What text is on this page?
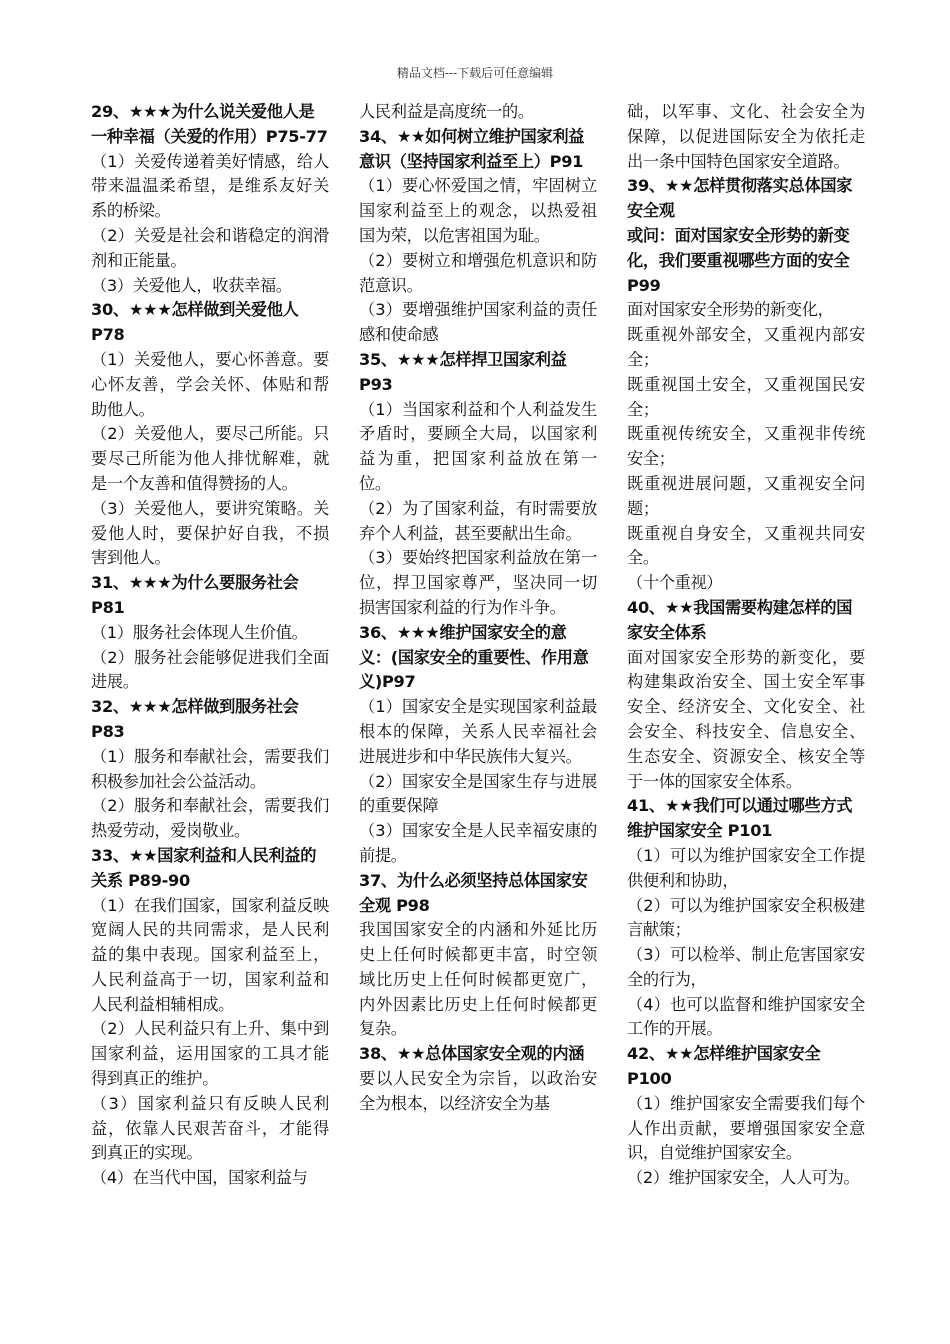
精品文档---下载后可任意编辑

29、★★★为什么说关爱他人是一种幸福（关爱的作用）P75-77

（1）关爱传递着美好情感，给人带来温温柔希望，是维系友好关系的桥梁。

（2）关爱是社会和谐稳定的润滑剂和正能量。

（3）关爱他人，收获幸福。

30、★★★怎样做到关爱他人P78

（1）关爱他人，要心怀善意。要心怀友善，学会关怀、体贴和帮助他人。

（2）关爱他人，要尽己所能。只要尽己所能为他人排忧解难，就是一个友善和值得赞扬的人。

（3）关爱他人，要讲究策略。关爱他人时，要保护好自我，不损害到他人。

31、★★★为什么要服务社会P81

（1）服务社会体现人生价值。

（2）服务社会能够促进我们全面进展。

32、★★★怎样做到服务社会P83

（1）服务和奉献社会，需要我们积极参加社会公益活动。

（2）服务和奉献社会，需要我们热爱劳动，爱岗敬业。

33、★★国家利益和人民利益的关系 P89-90

（1）在我们国家，国家利益反映宽阔人民的共同需求，是人民利益的集中表现。国家利益至上，人民利益高于一切，国家利益和人民利益相辅相成。

（2）人民利益只有上升、集中到国家利益，运用国家的工具才能得到真正的维护。

（3）国家利益只有反映人民利益，依靠人民艰苦奋斗，才能得到真正的实现。

（4）在当代中国，国家利益与

人民利益是高度统一的。

34、★★如何树立维护国家利益意识（坚持国家利益至上）P91

（1）要心怀爱国之情，牢固树立国家利益至上的观念，以热爱祖国为荣，以危害祖国为耻。

（2）要树立和增强危机意识和防范意识。

（3）要增强维护国家利益的责任感和使命感

35、★★★怎样捍卫国家利益 P93

（1）当国家利益和个人利益发生矛盾时，要顾全大局，以国家利益为重，把国家利益放在第一位。

（2）为了国家利益，有时需要放弃个人利益，甚至要献出生命。

（3）要始终把国家利益放在第一位，捍卫国家尊严，坚决同一切损害国家利益的行为作斗争。

36、★★★维护国家安全的意义：(国家安全的重要性、作用意义)P97

（1）国家安全是实现国家利益最根本的保障，关系人民幸福社会进展进步和中华民族伟大复兴。

（2）国家安全是国家生存与进展的重要保障

（3）国家安全是人民幸福安康的前提。

37、为什么必须坚持总体国家安全观 P98

我国国家安全的内涵和外延比历史上任何时候都更丰富，时空领域比历史上任何时候都更宽广，内外因素比历史上任何时候都更复杂。

38、★★总体国家安全观的内涵

要以人民安全为宗旨，以政治安全为根本，以经济安全为基

础，以军事、文化、社会安全为保障，以促进国际安全为依托走出一条中国特色国家安全道路。

39、★★怎样贯彻落实总体国家安全观

或问：面对国家安全形势的新变化，我们要重视哪些方面的安全 P99

面对国家安全形势的新变化，

既重视外部安全，又重视内部安全；

既重视国土安全，又重视国民安全；

既重视传统安全，又重视非传统安全；

既重视进展问题，又重视安全问题；

既重视自身安全，又重视共同安全。

（十个重视）

40、★★我国需要构建怎样的国家安全体系

面对国家安全形势的新变化，要构建集政治安全、国土安全军事安全、经济安全、文化安全、社会安全、科技安全、信息安全、生态安全、资源安全、核安全等于一体的国家安全体系。

41、★★我们可以通过哪些方式维护国家安全 P101

（1）可以为维护国家安全工作提供便利和协助，

（2）可以为维护国家安全积极建言献策；

（3）可以检举、制止危害国家安全的行为，

（4）也可以监督和维护国家安全工作的开展。

42、★★怎样维护国家安全 P100

（1）维护国家安全需要我们每个人作出贡献，要增强国家安全意识，自觉维护国家安全。

（2）维护国家安全，人人可为。
